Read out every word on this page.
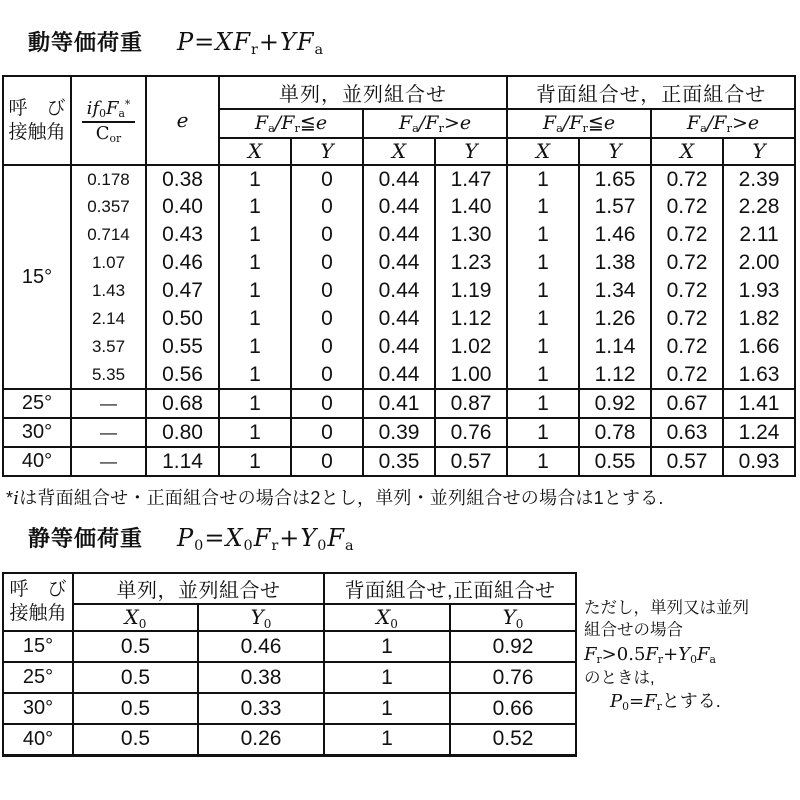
動等価荷重 P=XFr+YFa
呼　び
接触角	$\frac{if0Fa^*}{\text{Cor}}$	e	単列，並列組合せ	背面組合せ，正面組合せ
			Fa/Fr≦e		Fa/Fr>e		Fa/Fr≦e		Fa/Fr>e	
			X	Y	X	Y	X	Y	X	Y
15°	0.178	0.38	1	0	0.44	1.47	1	1.65	0.72	2.39
	0.357	0.40	1	0	0.44	1.40	1	1.57	0.72	2.28
	0.714	0.43	1	0	0.44	1.30	1	1.46	0.72	2.11
	1.07	0.46	1	0	0.44	1.23	1	1.38	0.72	2.00
	1.43	0.47	1	0	0.44	1.19	1	1.34	0.72	1.93
	2.14	0.50	1	0	0.44	1.12	1	1.26	0.72	1.82
	3.57	0.55	1	0	0.44	1.02	1	1.14	0.72	1.66
	5.35	0.56	1	0	0.44	1.00	1	1.12	0.72	1.63
25°	—	0.68	1	0	0.41	0.87	1	0.92	0.67	1.41
30°	—	0.80	1	0	0.39	0.76	1	0.78	0.63	1.24
40°	—	1.14	1	0	0.35	0.57	1	0.55	0.57	0.93
*iは背面組合せ・正面組合せの場合は2とし，単列・並列組合せの場合は1とする.
静等価荷重 P0=X0Fr+Y0Fa
呼　び
接触角	単列，並列組合せ		背面組合せ,正面組合せ	
	X0	Y0	X0	Y0
15°	0.5	0.46	1	0.92
25°	0.5	0.38	1	0.76
30°	0.5	0.33	1	0.66
40°	0.5	0.26	1	0.52
ただし，単列又は並列
組合せの場合
Fr>0.5Fr+Y0Fa
のときは,
P0=Frとする.
